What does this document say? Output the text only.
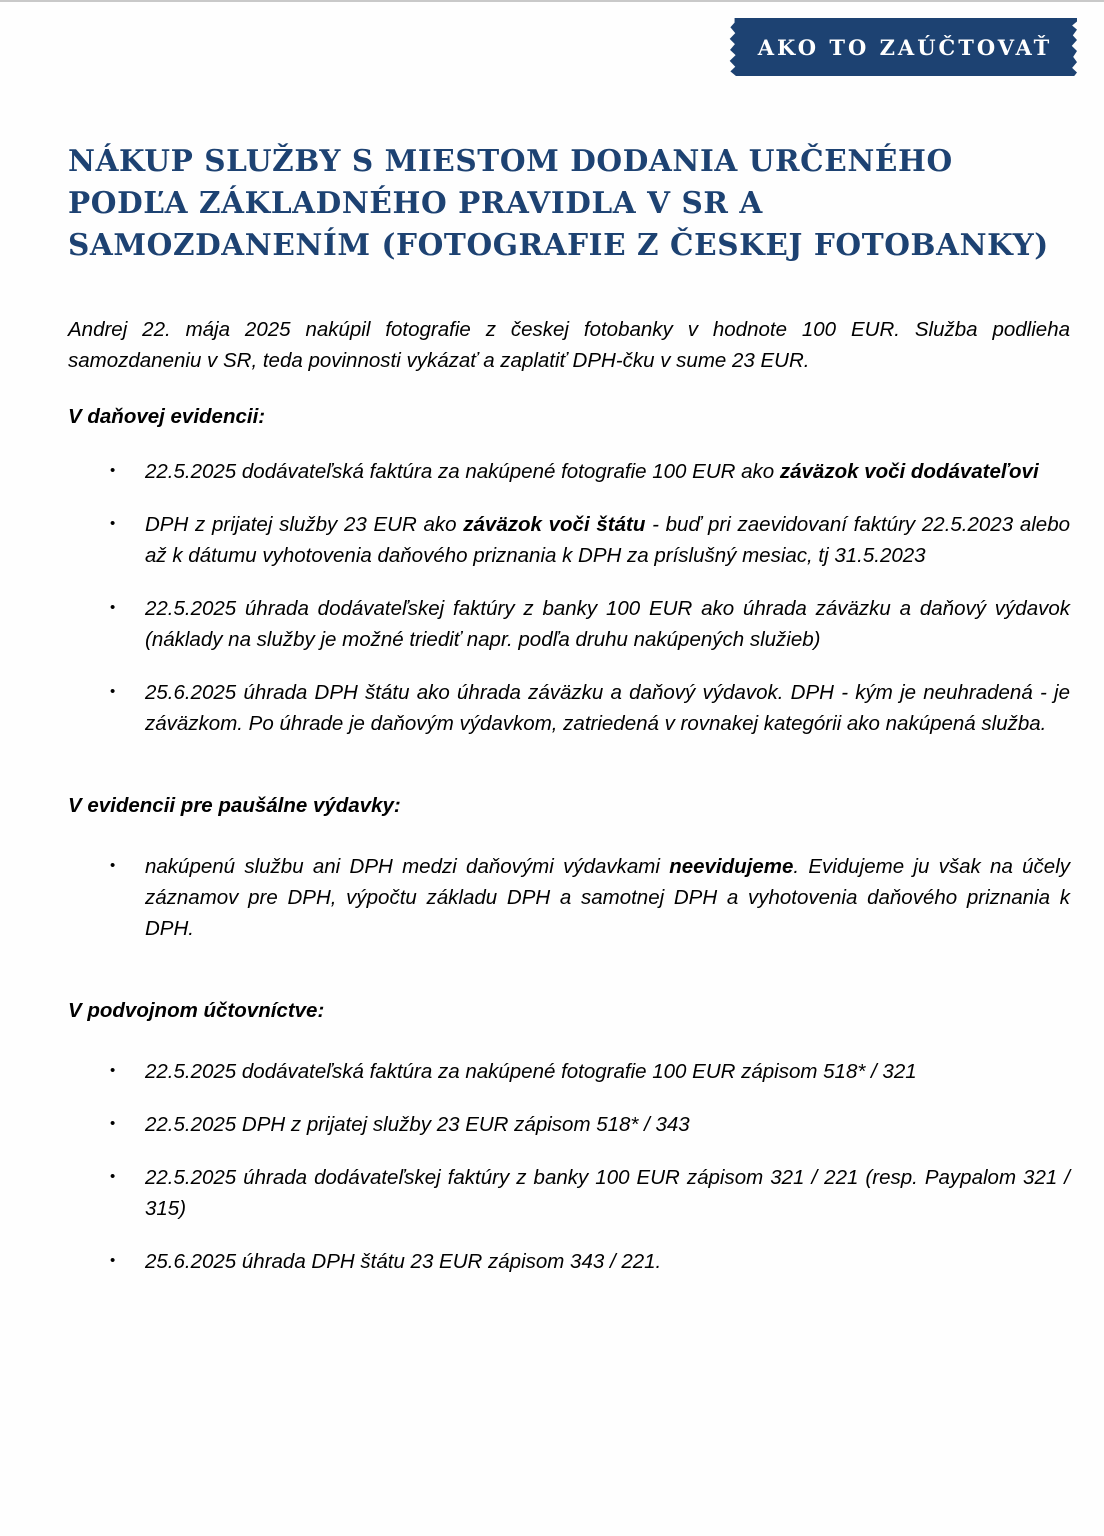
AKO TO ZAÚČTOVAŤ
NÁKUP SLUŽBY S MIESTOM DODANIA URČENÉHO PODĽA ZÁKLADNÉHO PRAVIDLA V SR A SAMOZDANENÍM (FOTOGRAFIE Z ČESKEJ FOTOBANKY)

Andrej 22. mája 2025 nakúpil fotografie z českej fotobanky v hodnote 100 EUR. Služba podlieha samozdaneniu v SR, teda povinnosti vykázať a zaplatiť DPH-čku v sume 23 EUR.

V daňovej evidencii:
• 22.5.2025 dodávateľská faktúra za nakúpené fotografie 100 EUR ako záväzok voči dodávateľovi
• DPH z prijatej služby 23 EUR ako záväzok voči štátu - buď pri zaevidovaní faktúry 22.5.2023 alebo až k dátumu vyhotovenia daňového priznania k DPH za príslušný mesiac, tj 31.5.2023
• 22.5.2025 úhrada dodávateľskej faktúry z banky 100 EUR ako úhrada záväzku a daňový výdavok (náklady na služby je možné triediť napr. podľa druhu nakúpených služieb)
• 25.6.2025 úhrada DPH štátu ako úhrada záväzku a daňový výdavok. DPH - kým je neuhradená - je záväzkom. Po úhrade je daňovým výdavkom, zatriedená v rovnakej kategórii ako nakúpená služba.
V evidencii pre paušálne výdavky:
• nakúpenú službu ani DPH medzi daňovými výdavkami neevidujeme. Evidujeme ju však na účely záznamov pre DPH, výpočtu základu DPH a samotnej DPH a vyhotovenia daňového priznania k DPH.
V podvojnom účtovníctve:
• 22.5.2025 dodávateľská faktúra za nakúpené fotografie 100 EUR zápisom 518* / 321
• 22.5.2025 DPH z prijatej služby 23 EUR zápisom 518* / 343
• 22.5.2025 úhrada dodávateľskej faktúry z banky 100 EUR zápisom 321 / 221 (resp. Paypalom 321 / 315)
• 25.6.2025 úhrada DPH štátu 23 EUR zápisom 343 / 221.
